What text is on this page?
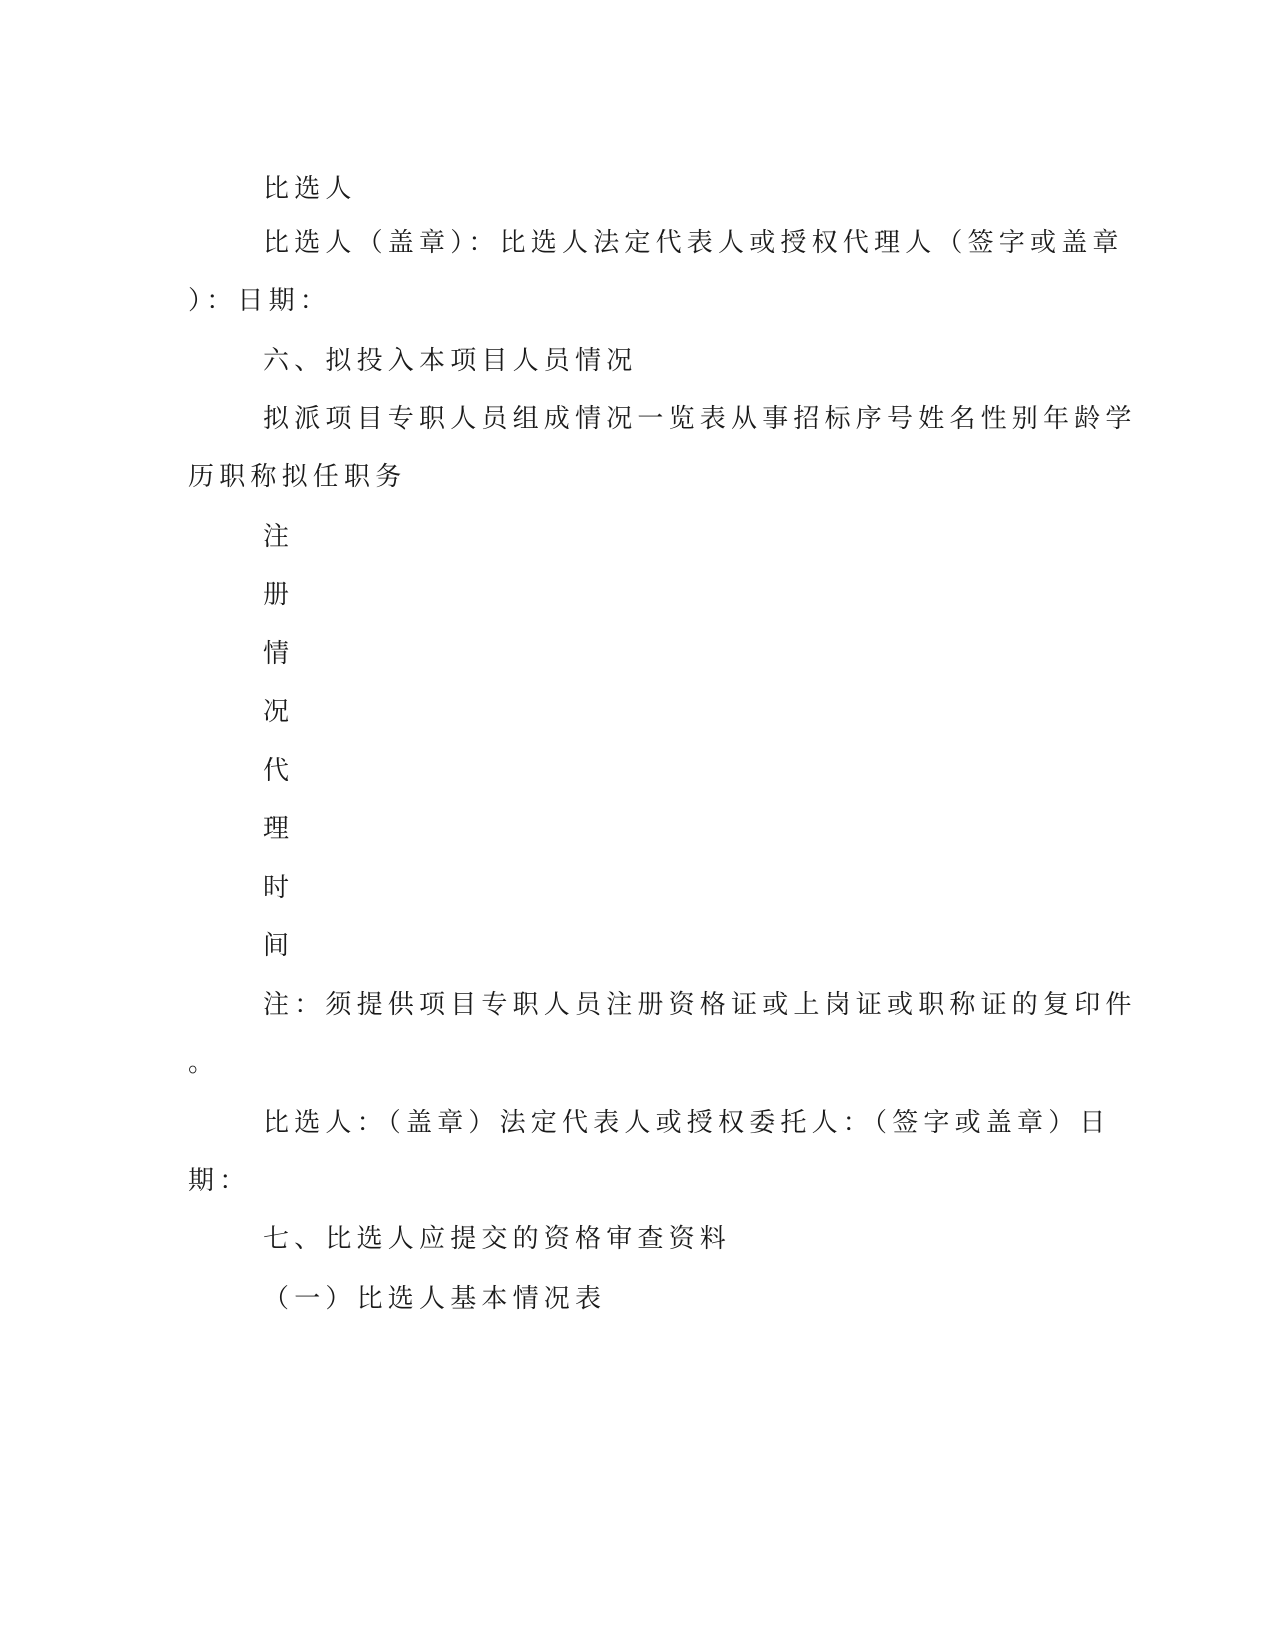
比选人
比选人（盖章）：比选人法定代表人或授权代理人（签字或盖章
）：日期：
六、拟投入本项目人员情况
拟派项目专职人员组成情况一览表从事招标序号姓名性别年龄学
历职称拟任职务
注
册
情
况
代
理
时
间
注：须提供项目专职人员注册资格证或上岗证或职称证的复印件
。
比选人：（盖章）法定代表人或授权委托人：（签字或盖章）日
期：
七、比选人应提交的资格审查资料
（一）比选人基本情况表
